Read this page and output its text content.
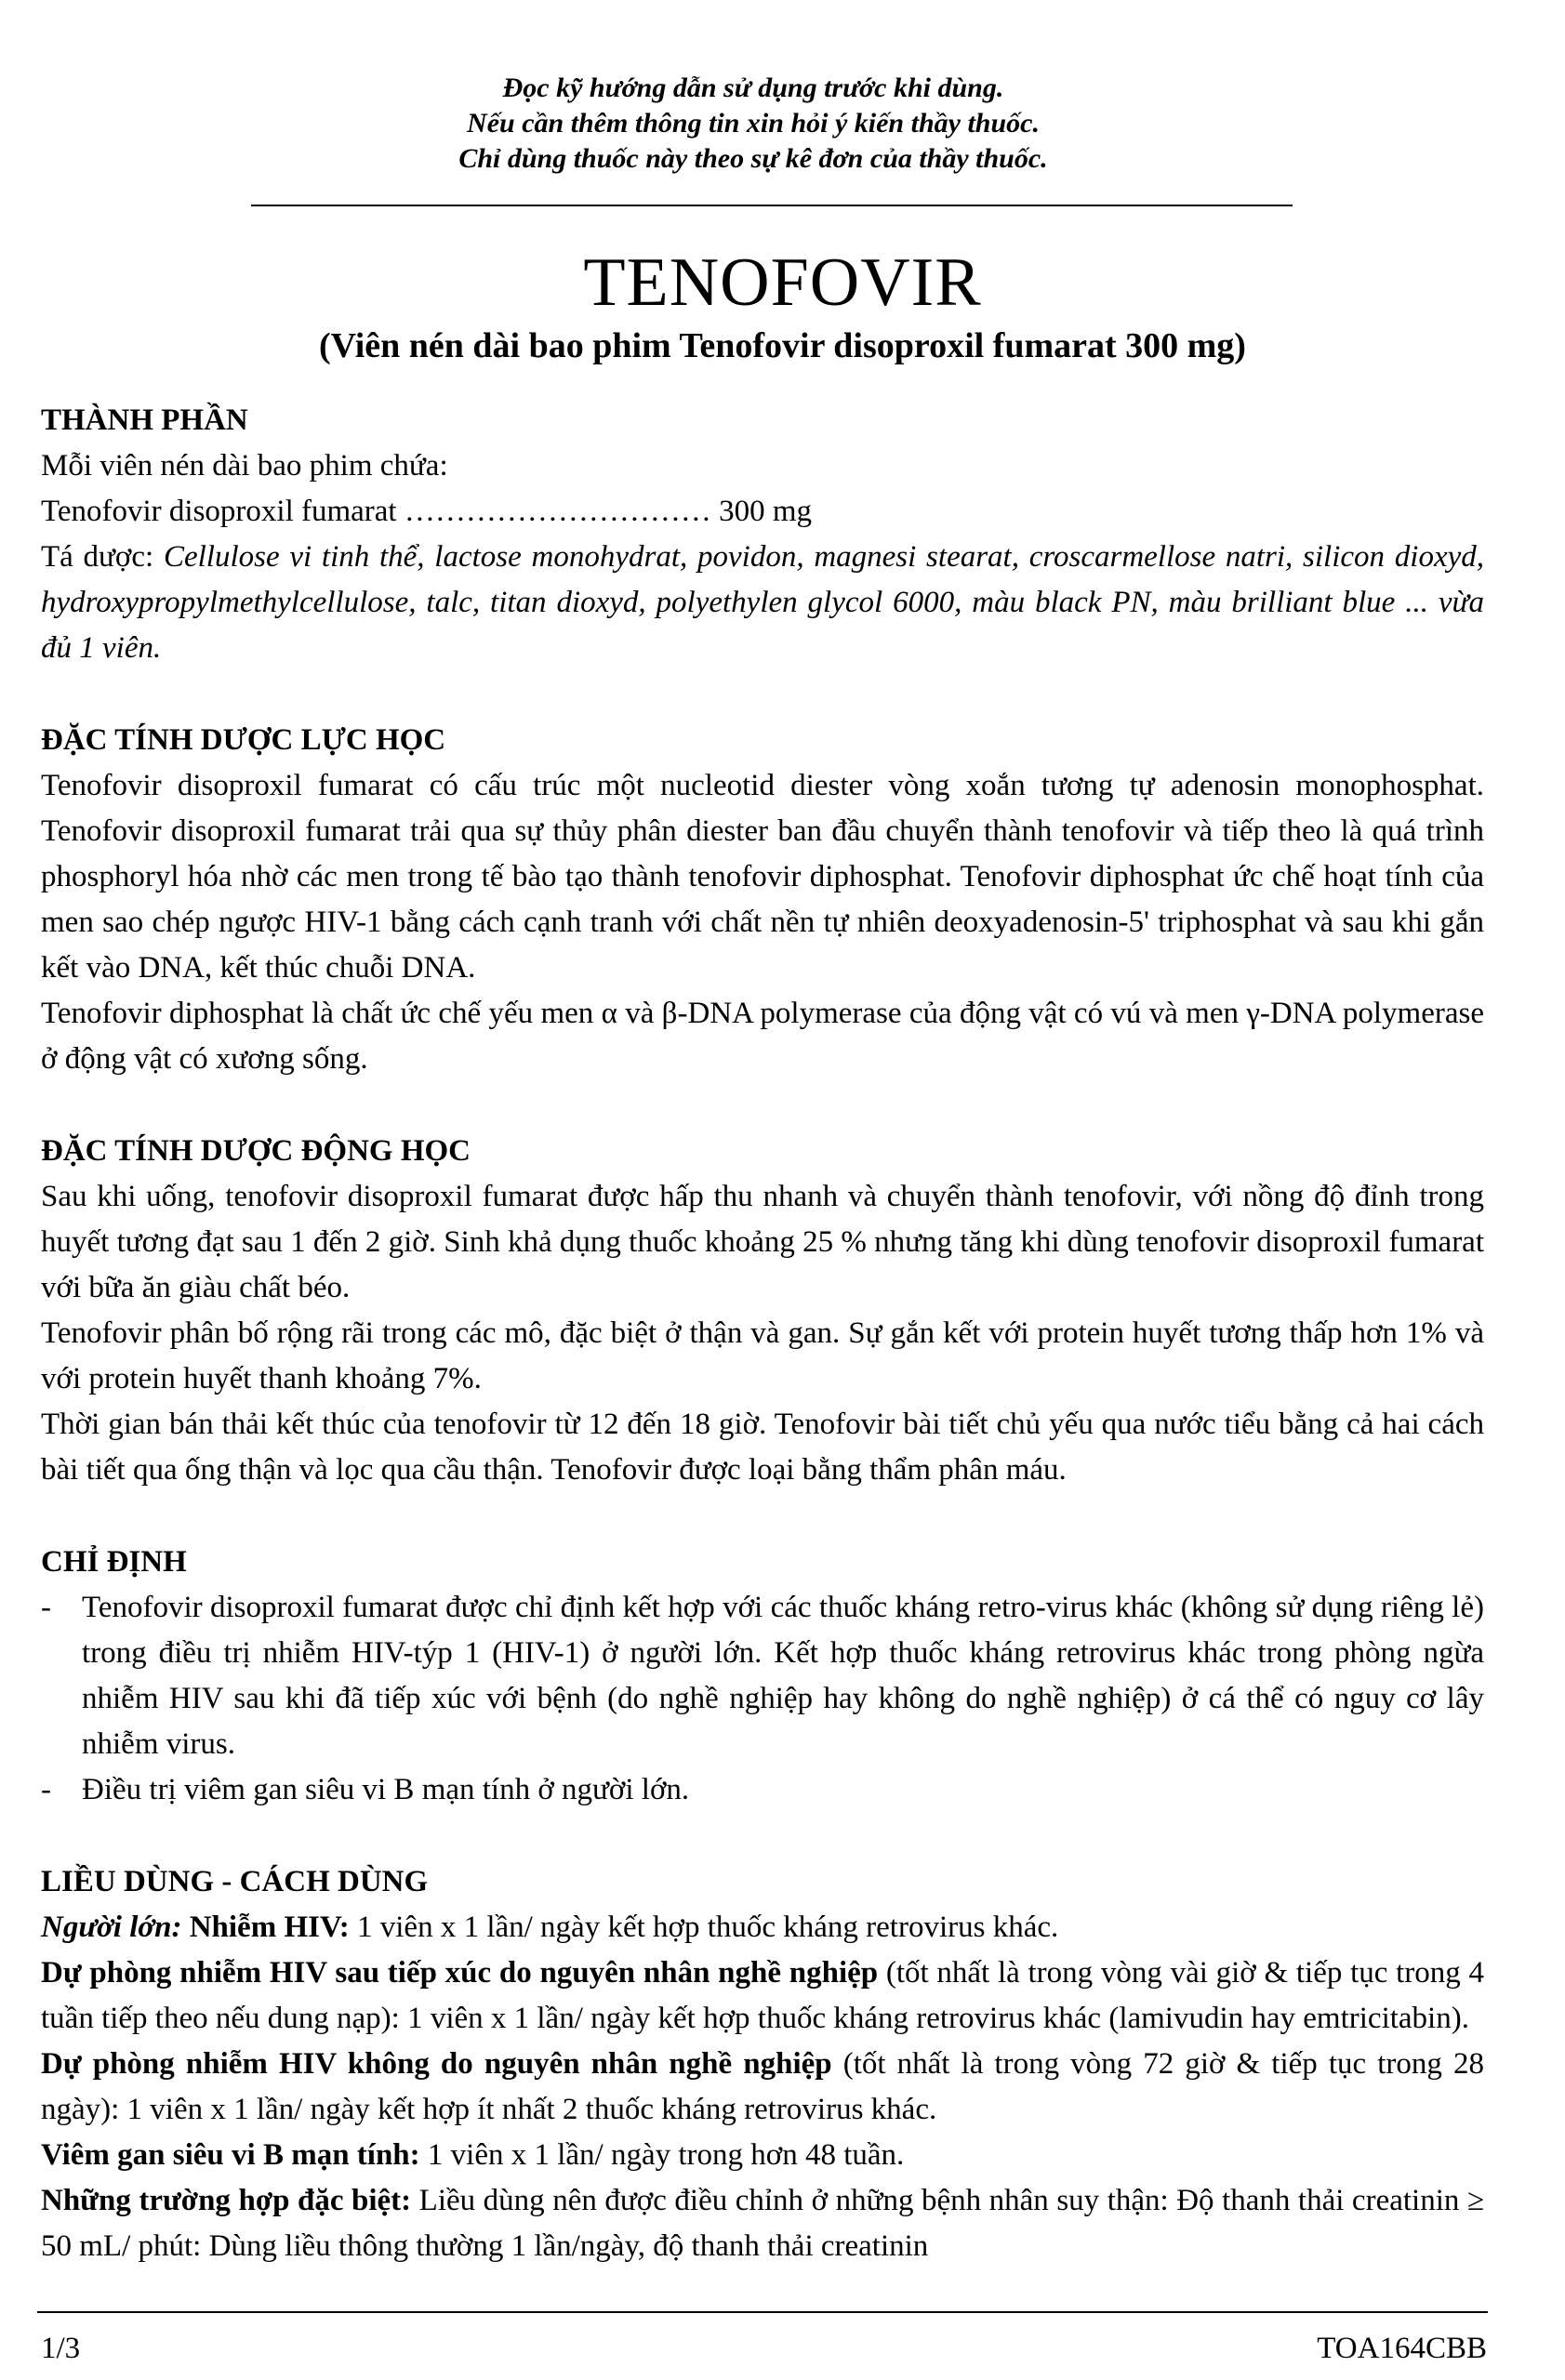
Đọc kỹ hướng dẫn sử dụng trước khi dùng.
Nếu cần thêm thông tin xin hỏi ý kiến thầy thuốc.
Chỉ dùng thuốc này theo sự kê đơn của thầy thuốc.
TENOFOVIR
(Viên nén dài bao phim Tenofovir disoproxil fumarat 300 mg)
THÀNH PHẦN

Mỗi viên nén dài bao phim chứa:

Tenofovir disoproxil fumarat ………………………… 300 mg

Tá dược: Cellulose vi tinh thể, lactose monohydrat, povidon, magnesi stearat, croscarmellose natri, silicon dioxyd, hydroxypropylmethylcellulose, talc, titan dioxyd, polyethylen glycol 6000, màu black PN, màu brilliant blue ... vừa đủ 1 viên.

ĐẶC TÍNH DƯỢC LỰC HỌC

Tenofovir disoproxil fumarat có cấu trúc một nucleotid diester vòng xoắn tương tự adenosin monophosphat. Tenofovir disoproxil fumarat trải qua sự thủy phân diester ban đầu chuyển thành tenofovir và tiếp theo là quá trình phosphoryl hóa nhờ các men trong tế bào tạo thành tenofovir diphosphat. Tenofovir diphosphat ức chế hoạt tính của men sao chép ngược HIV-1 bằng cách cạnh tranh với chất nền tự nhiên deoxyadenosin-5' triphosphat và sau khi gắn kết vào DNA, kết thúc chuỗi DNA.

Tenofovir diphosphat là chất ức chế yếu men α và β-DNA polymerase của động vật có vú và men γ-DNA polymerase ở động vật có xương sống.

ĐẶC TÍNH DƯỢC ĐỘNG HỌC

Sau khi uống, tenofovir disoproxil fumarat được hấp thu nhanh và chuyển thành tenofovir, với nồng độ đỉnh trong huyết tương đạt sau 1 đến 2 giờ. Sinh khả dụng thuốc khoảng 25 % nhưng tăng khi dùng tenofovir disoproxil fumarat với bữa ăn giàu chất béo.

Tenofovir phân bố rộng rãi trong các mô, đặc biệt ở thận và gan. Sự gắn kết với protein huyết tương thấp hơn 1% và với protein huyết thanh khoảng 7%.

Thời gian bán thải kết thúc của tenofovir từ 12 đến 18 giờ. Tenofovir bài tiết chủ yếu qua nước tiểu bằng cả hai cách bài tiết qua ống thận và lọc qua cầu thận. Tenofovir được loại bằng thẩm phân máu.

CHỈ ĐỊNH
-	Tenofovir disoproxil fumarat được chỉ định kết hợp với các thuốc kháng retro-virus khác (không sử dụng riêng lẻ) trong điều trị nhiễm HIV-týp 1 (HIV-1) ở người lớn. Kết hợp thuốc kháng retrovirus khác trong phòng ngừa nhiễm HIV sau khi đã tiếp xúc với bệnh (do nghề nghiệp hay không do nghề nghiệp) ở cá thể có nguy cơ lây nhiễm virus.
-	Điều trị viêm gan siêu vi B mạn tính ở người lớn.
LIỀU DÙNG - CÁCH DÙNG

Người lớn: Nhiễm HIV: 1 viên x 1 lần/ ngày kết hợp thuốc kháng retrovirus khác.

Dự phòng nhiễm HIV sau tiếp xúc do nguyên nhân nghề nghiệp (tốt nhất là trong vòng vài giờ & tiếp tục trong 4 tuần tiếp theo nếu dung nạp): 1 viên x 1 lần/ ngày kết hợp thuốc kháng retrovirus khác (lamivudin hay emtricitabin).

Dự phòng nhiễm HIV không do nguyên nhân nghề nghiệp (tốt nhất là trong vòng 72 giờ & tiếp tục trong 28 ngày): 1 viên x 1 lần/ ngày kết hợp ít nhất 2 thuốc kháng retrovirus khác.

Viêm gan siêu vi B mạn tính: 1 viên x 1 lần/ ngày trong hơn 48 tuần.

Những trường hợp đặc biệt: Liều dùng nên được điều chỉnh ở những bệnh nhân suy thận: Độ thanh thải creatinin ≥ 50 mL/ phút: Dùng liều thông thường 1 lần/ngày, độ thanh thải creatinin

1/3	TOA164CBB
